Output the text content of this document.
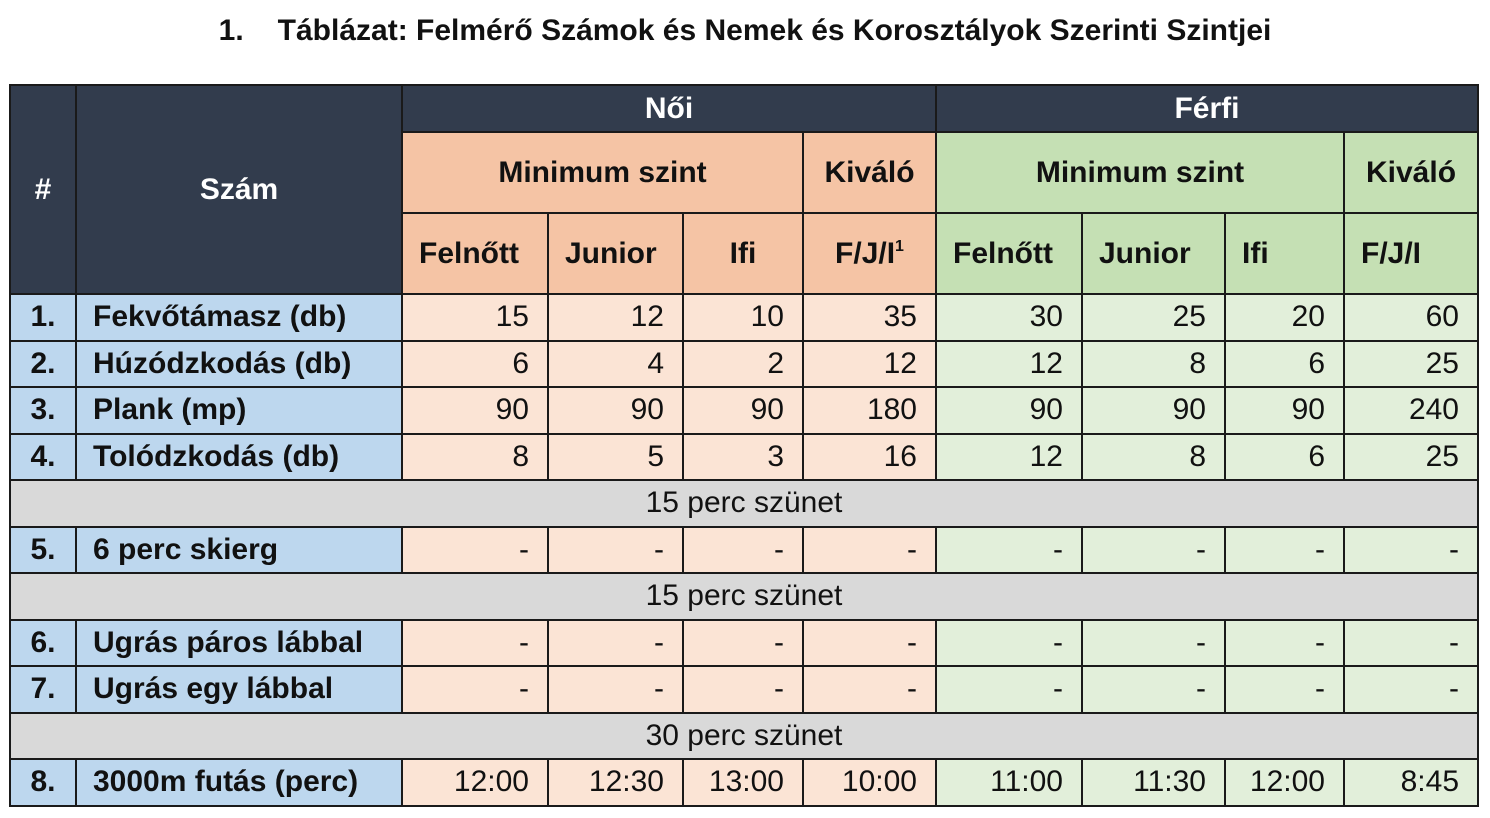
1. Táblázat: Felmérő Számok és Nemek és Korosztályok Szerinti Szintjei
#	Szám	Női				Férfi			
		Minimum szint			Kiváló	Minimum szint			Kiváló
		Felnőtt	Junior	Ifi	$F/J/I^1$	Felnőtt	Junior	Ifi	F/J/I
1.	Fekvőtámasz (db)	15	12	10	35	30	25	20	60
2.	Húzódzkodás (db)	6	4	2	12	12	8	6	25
3.	Plank (mp)	90	90	90	180	90	90	90	240
4.	Tolódzkodás (db)	8	5	3	16	12	8	6	25
15 perc szünet									
5.	6 perc skierg	-	-	-	-	-	-	-	-
15 perc szünet									
6.	Ugrás páros lábbal	-	-	-	-	-	-	-	-
7.	Ugrás egy lábbal	-	-	-	-	-	-	-	-
30 perc szünet									
8.	3000m futás (perc)	12:00	12:30	13:00	10:00	11:00	11:30	12:00	8:45
